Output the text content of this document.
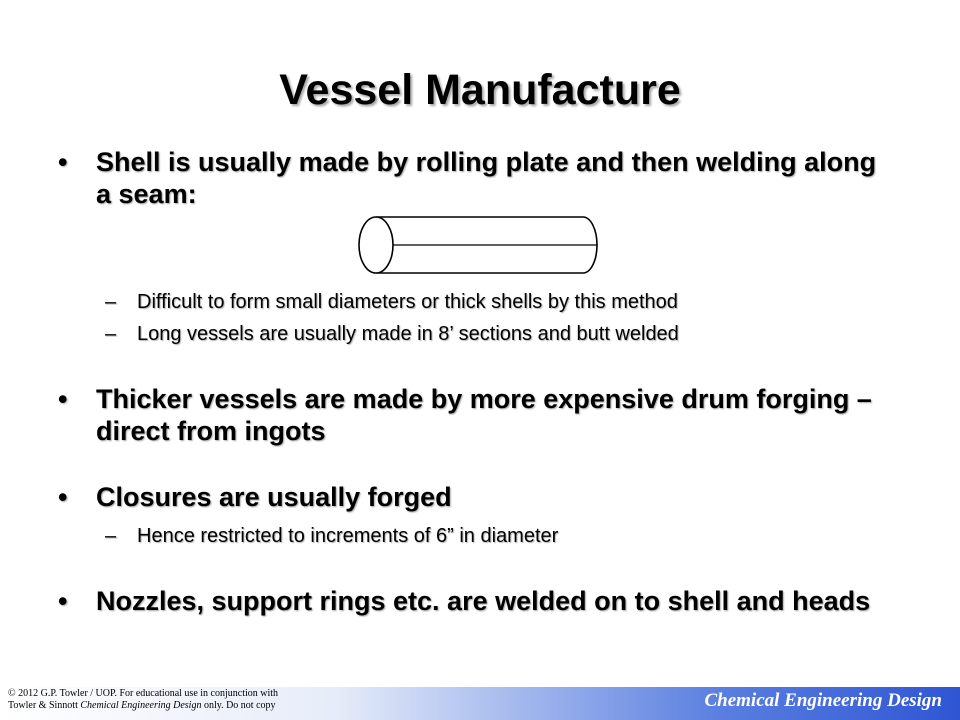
Vessel Manufacture
•	Shell is usually made by rolling plate and then welding along a seam:
–	Difficult to form small diameters or thick shells by this method
–	Long vessels are usually made in 8’ sections and butt welded
•	Thicker vessels are made by more expensive drum forging – direct from ingots
•	Closures are usually forged
–	Hence restricted to increments of 6” in diameter
•	Nozzles, support rings etc. are welded on to shell and heads
© 2012 G.P. Towler / UOP. For educational use in conjunction with
Towler & Sinnott Chemical Engineering Design only. Do not copy	Chemical Engineering Design
